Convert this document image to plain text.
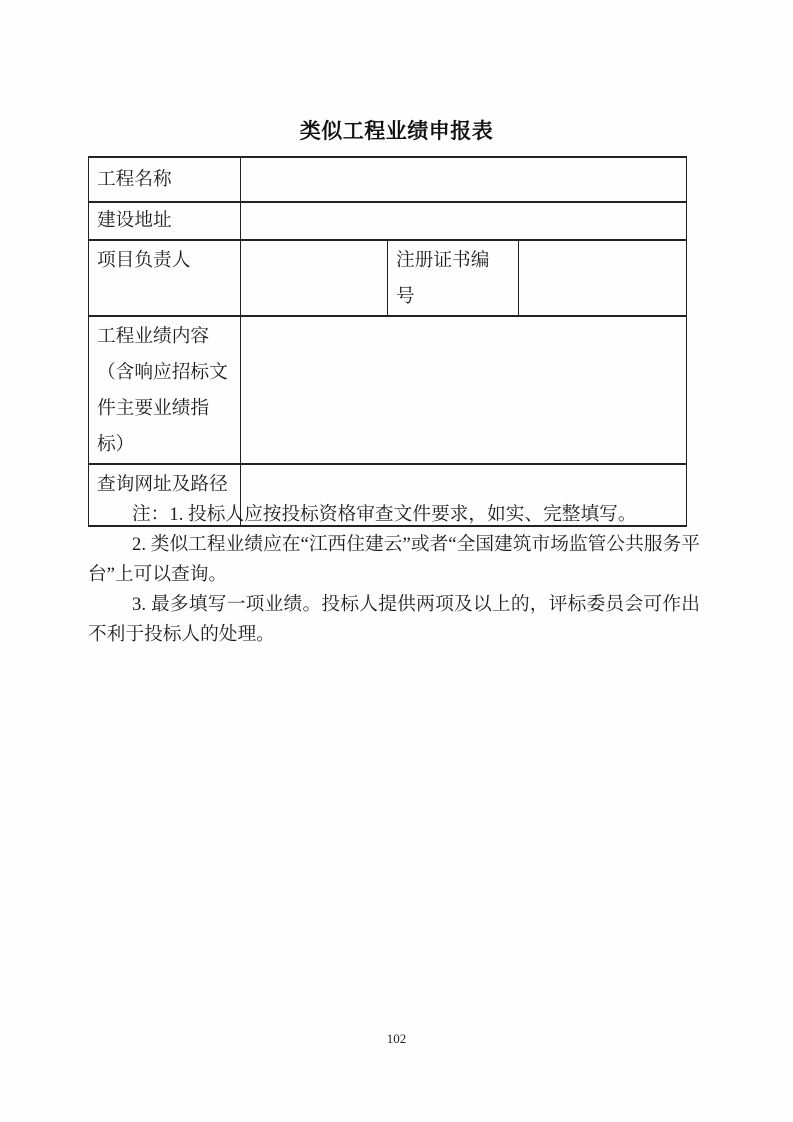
类似工程业绩申报表
工程名称			
建设地址			
项目负责人		注册证书编
号	
工程业绩内容
（含响应招标文
件主要业绩指标）			
查询网址及路径			

注：1. 投标人应按投标资格审查文件要求，如实、完整填写。

2. 类似工程业绩应在“江西住建云”或者“全国建筑市场监管公共服务平台”上可以查询。

3. 最多填写一项业绩。投标人提供两项及以上的，评标委员会可作出不利于投标人的处理。

102
